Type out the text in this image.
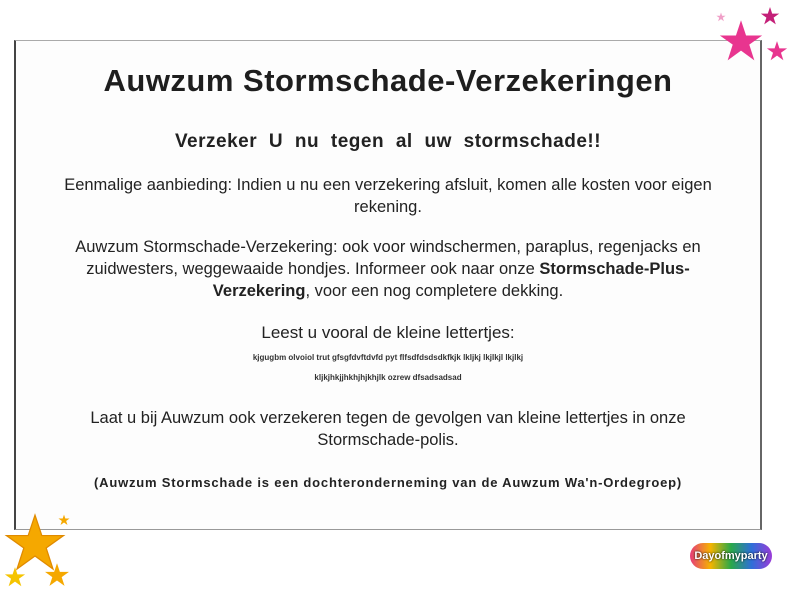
Auwzum Stormschade-Verzekeringen
Verzeker U nu tegen al uw stormschade!!
Eenmalige aanbieding: Indien u nu een verzekering afsluit, komen alle kosten voor eigen rekening.
Auwzum Stormschade-Verzekering: ook voor windschermen, paraplus, regenjacks en zuidwesters, weggewaaide hondjes. Informeer ook naar onze Stormschade-Plus-Verzekering, voor een nog completere dekking.
Leest u vooral de kleine lettertjes:
kjgugbm olvoiol trut gfsgfdvftdvfd pyt flfsdfdsdsdkfkjk lkljkj lkjlkjl lkjlkj
kljkjhkjjhkhjhjkhjlk ozrew dfsadsadsad
Laat u bij Auwzum ook verzekeren tegen de gevolgen van kleine lettertjes in onze Stormschade-polis.
(Auwzum Stormschade is een dochteronderneming van de Auwzum Wa'n-Ordegroep)
Dayofmyparty
